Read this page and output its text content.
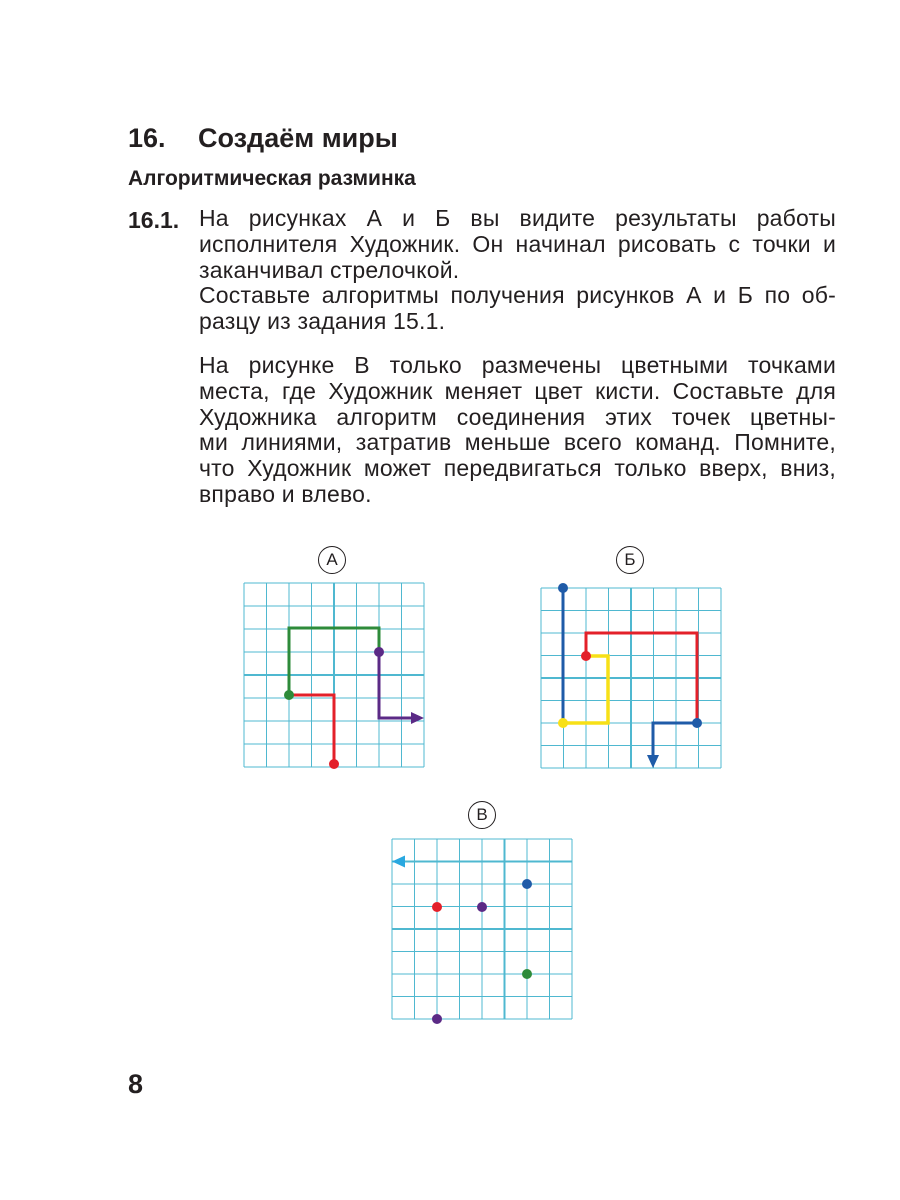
16. Создаём миры
Алгоритмическая разминка
16.1. На рисунках А и Б вы видите результаты работы
исполнителя Художник. Он начинал рисовать с точки и
заканчивал стрелочкой.
Составьте алгоритмы получения рисунков А и Б по об-
разцу из задания 15.1.

На рисунке В только размечены цветными точками
места, где Художник меняет цвет кисти. Составьте для
Художника алгоритм соединения этих точек цветны-
ми линиями, затратив меньше всего команд. Помните,
что Художник может передвигаться только вверх, вниз,
вправо и влево.

А	Б
В
8
